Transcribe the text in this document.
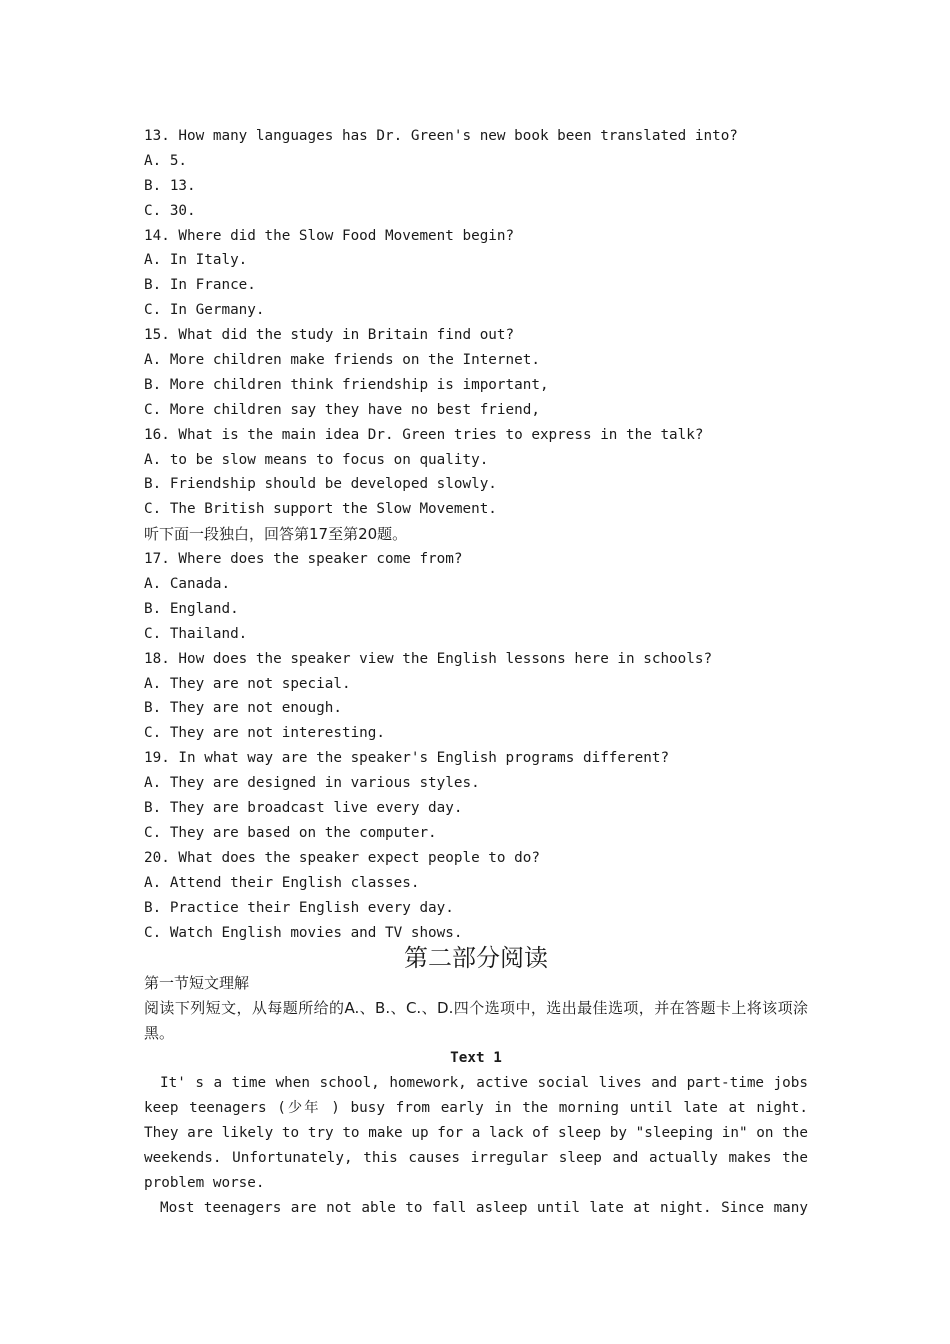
13. How many languages has Dr. Green's new book been translated into?
A. 5.
B. 13.
C. 30.
14. Where did the Slow Food Movement begin?
A. In Italy.
B. In France.
C. In Germany.
15. What did the study in Britain find out?
A. More children make friends on the Internet.
B. More children think friendship is important,
C. More children say they have no best friend,
16. What is the main idea Dr. Green tries to express in the talk?
A. to be slow means to focus on quality.
B. Friendship should be developed slowly.
C. The British support the Slow Movement.
听下面一段独白，回答第17至第20题。
17. Where does the speaker come from?
A. Canada.
B. England.
C. Thailand.
18. How does the speaker view the English lessons here in schools?
A. They are not special.
B. They are not enough.
C. They are not interesting.
19. In what way are the speaker's English programs different?
A. They are designed in various styles.
B. They are broadcast live every day.
C. They are based on the computer.
20. What does the speaker expect people to do?
A. Attend their English classes.
B. Practice their English every day.
C. Watch English movies and TV shows.
第二部分阅读
第一节短文理解
阅读下列短文，从每题所给的A.、B.、C.、D.四个选项中，选出最佳选项，并在答题卡上将该项涂黑。
Text 1
It' s a time when school, homework, active social lives and part-time jobs keep teenagers (少年 ) busy from early in the morning until late at night. They are likely to try to make up for a lack of sleep by "sleeping in" on the weekends. Unfortunately, this causes irregular sleep and actually makes the problem worse.
Most teenagers are not able to fall asleep until late at night. Since many
